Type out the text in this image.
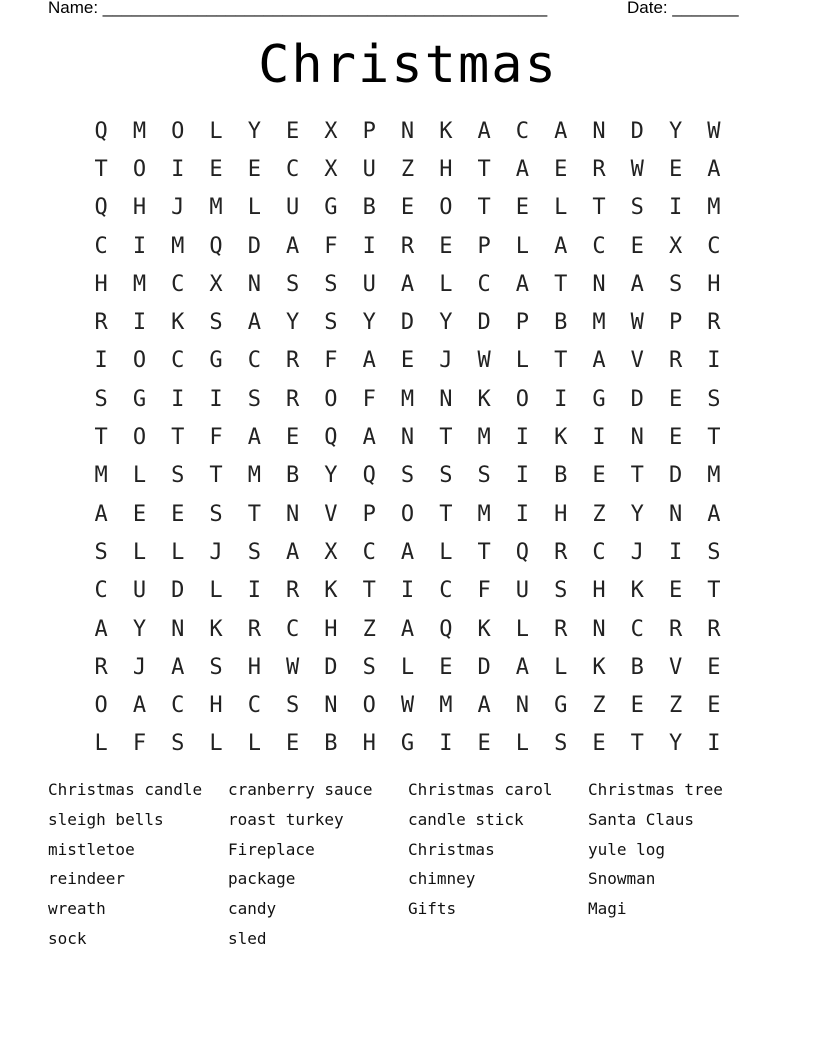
Name: _______________________________________________	Date: _______
Christmas
Q	M	O	L	Y	E	X	P	N	K	A	C	A	N	D	Y	W
T	O	I	E	E	C	X	U	Z	H	T	A	E	R	W	E	A
Q	H	J	M	L	U	G	B	E	O	T	E	L	T	S	I	M
C	I	M	Q	D	A	F	I	R	E	P	L	A	C	E	X	C
H	M	C	X	N	S	S	U	A	L	C	A	T	N	A	S	H
R	I	K	S	A	Y	S	Y	D	Y	D	P	B	M	W	P	R
I	O	C	G	C	R	F	A	E	J	W	L	T	A	V	R	I
S	G	I	I	S	R	O	F	M	N	K	O	I	G	D	E	S
T	O	T	F	A	E	Q	A	N	T	M	I	K	I	N	E	T
M	L	S	T	M	B	Y	Q	S	S	S	I	B	E	T	D	M
A	E	E	S	T	N	V	P	O	T	M	I	H	Z	Y	N	A
S	L	L	J	S	A	X	C	A	L	T	Q	R	C	J	I	S
C	U	D	L	I	R	K	T	I	C	F	U	S	H	K	E	T
A	Y	N	K	R	C	H	Z	A	Q	K	L	R	N	C	R	R
R	J	A	S	H	W	D	S	L	E	D	A	L	K	B	V	E
O	A	C	H	C	S	N	O	W	M	A	N	G	Z	E	Z	E
L	F	S	L	L	E	B	H	G	I	E	L	S	E	T	Y	I
Christmas candle	cranberry sauce	Christmas carol	Christmas tree
sleigh bells	roast turkey	candle stick	Santa Claus
mistletoe	Fireplace	Christmas	yule log
reindeer	package	chimney	Snowman
wreath	candy	Gifts	Magi
sock	sled
